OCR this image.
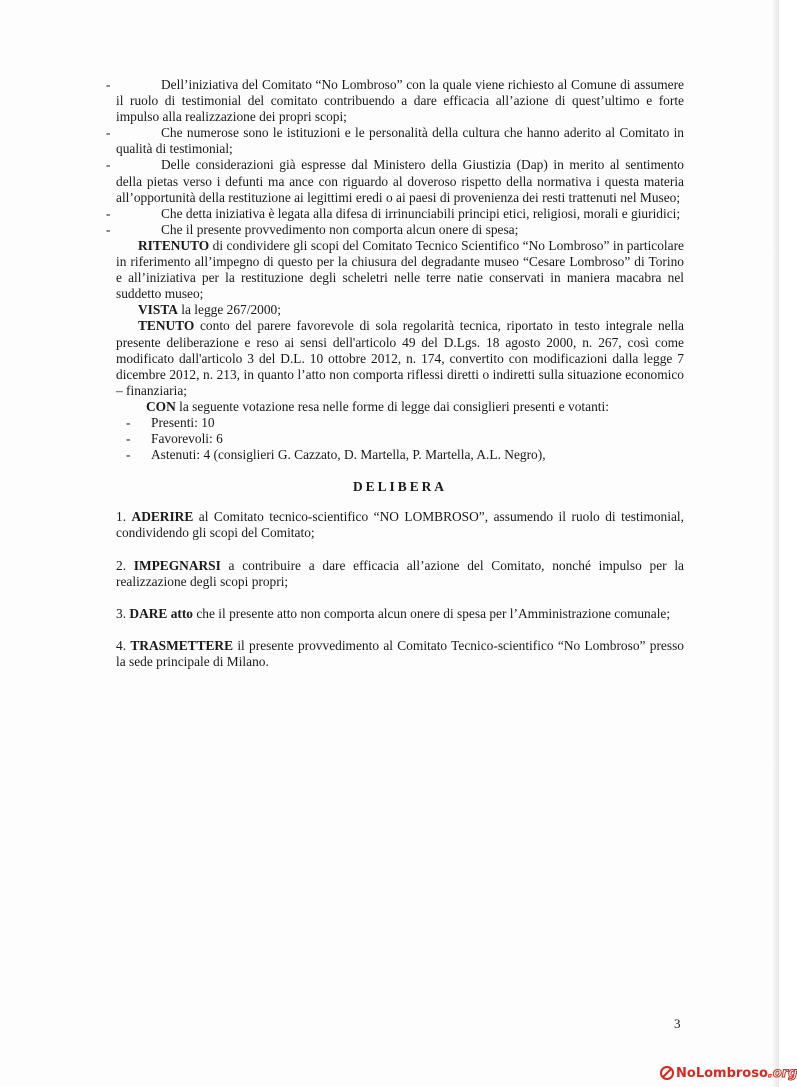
-	Dell’iniziativa del Comitato “No Lombroso” con la quale viene richiesto al Comune di assumere il ruolo di testimonial del comitato contribuendo a dare efficacia all’azione di quest’ultimo e forte impulso alla realizzazione dei propri scopi;
-	Che numerose sono le istituzioni e le personalità della cultura che hanno aderito al Comitato in qualità di testimonial;
-	Delle considerazioni già espresse dal Ministero della Giustizia (Dap) in merito al sentimento della pietas verso i defunti ma ance con riguardo al doveroso rispetto della normativa i questa materia all’opportunità della restituzione ai legittimi eredi o ai paesi di provenienza dei resti trattenuti nel Museo;
-	Che detta iniziativa è legata alla difesa di irrinunciabili principi etici, religiosi, morali e giuridici;
-	Che il presente provvedimento non comporta alcun onere di spesa;
RITENUTO di condividere gli scopi del Comitato Tecnico Scientifico “No Lombroso” in particolare in riferimento all’impegno di questo per la chiusura del degradante museo “Cesare Lombroso” di Torino e all’iniziativa per la restituzione degli scheletri nelle terre natie conservati in maniera macabra nel suddetto museo;
VISTA la legge 267/2000;
TENUTO conto del parere favorevole di sola regolarità tecnica, riportato in testo integrale nella presente deliberazione e reso ai sensi dell'articolo 49 del D.Lgs. 18 agosto 2000, n. 267, così come modificato dall'articolo 3 del D.L. 10 ottobre 2012, n. 174, convertito con modificazioni dalla legge 7 dicembre 2012, n. 213, in quanto l’atto non comporta riflessi diretti o indiretti sulla situazione economico – finanziaria;
CON la seguente votazione resa nelle forme di legge dai consiglieri presenti e votanti:
- Presenti: 10
- Favorevoli: 6
- Astenuti: 4 (consiglieri G. Cazzato, D. Martella, P. Martella, A.L. Negro),
DELIBERA
1. ADERIRE al Comitato tecnico-scientifico “NO LOMBROSO”, assumendo il ruolo di testimonial, condividendo gli scopi del Comitato;
2. IMPEGNARSI a contribuire a dare efficacia all’azione del Comitato, nonché impulso per la realizzazione degli scopi propri;
3. DARE atto che il presente atto non comporta alcun onere di spesa per l’Amministrazione comunale;
4. TRASMETTERE il presente provvedimento al Comitato Tecnico-scientifico “No Lombroso” presso la sede principale di Milano.
3
No Lombroso .org
